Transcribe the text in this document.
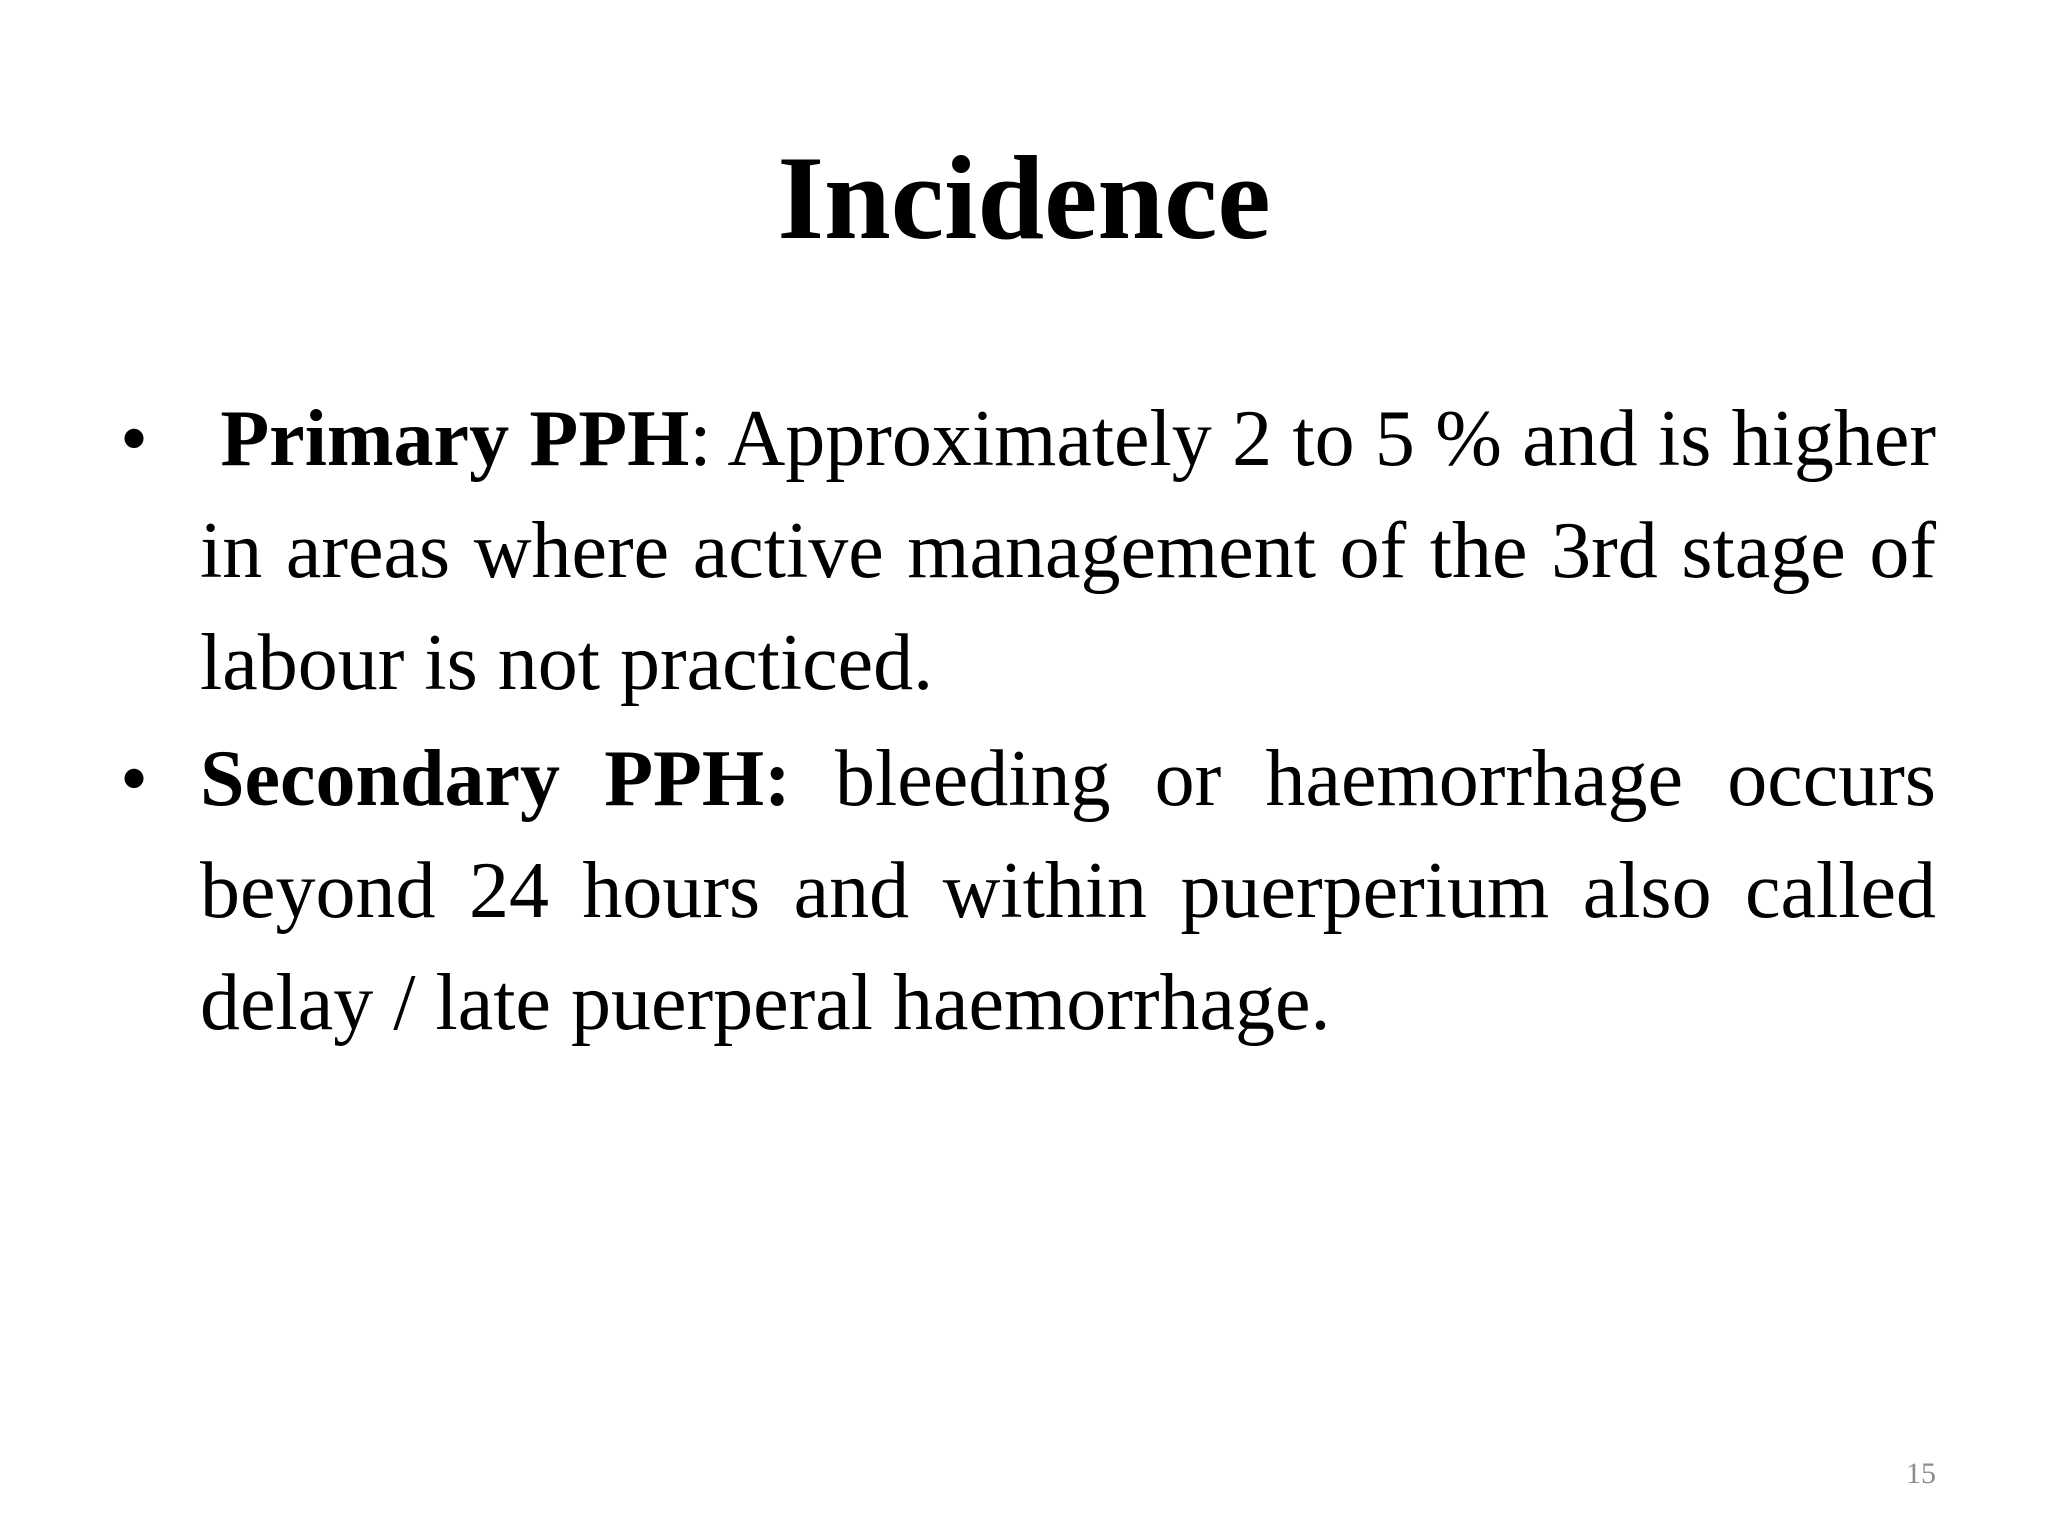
Incidence
• Primary PPH: Approximately 2 to 5 % and is higher in areas where active management of the 3rd stage of labour is not practiced.
• Secondary PPH: bleeding or haemorrhage occurs beyond 24 hours and within puerperium also called delay / late puerperal haemorrhage.
15
